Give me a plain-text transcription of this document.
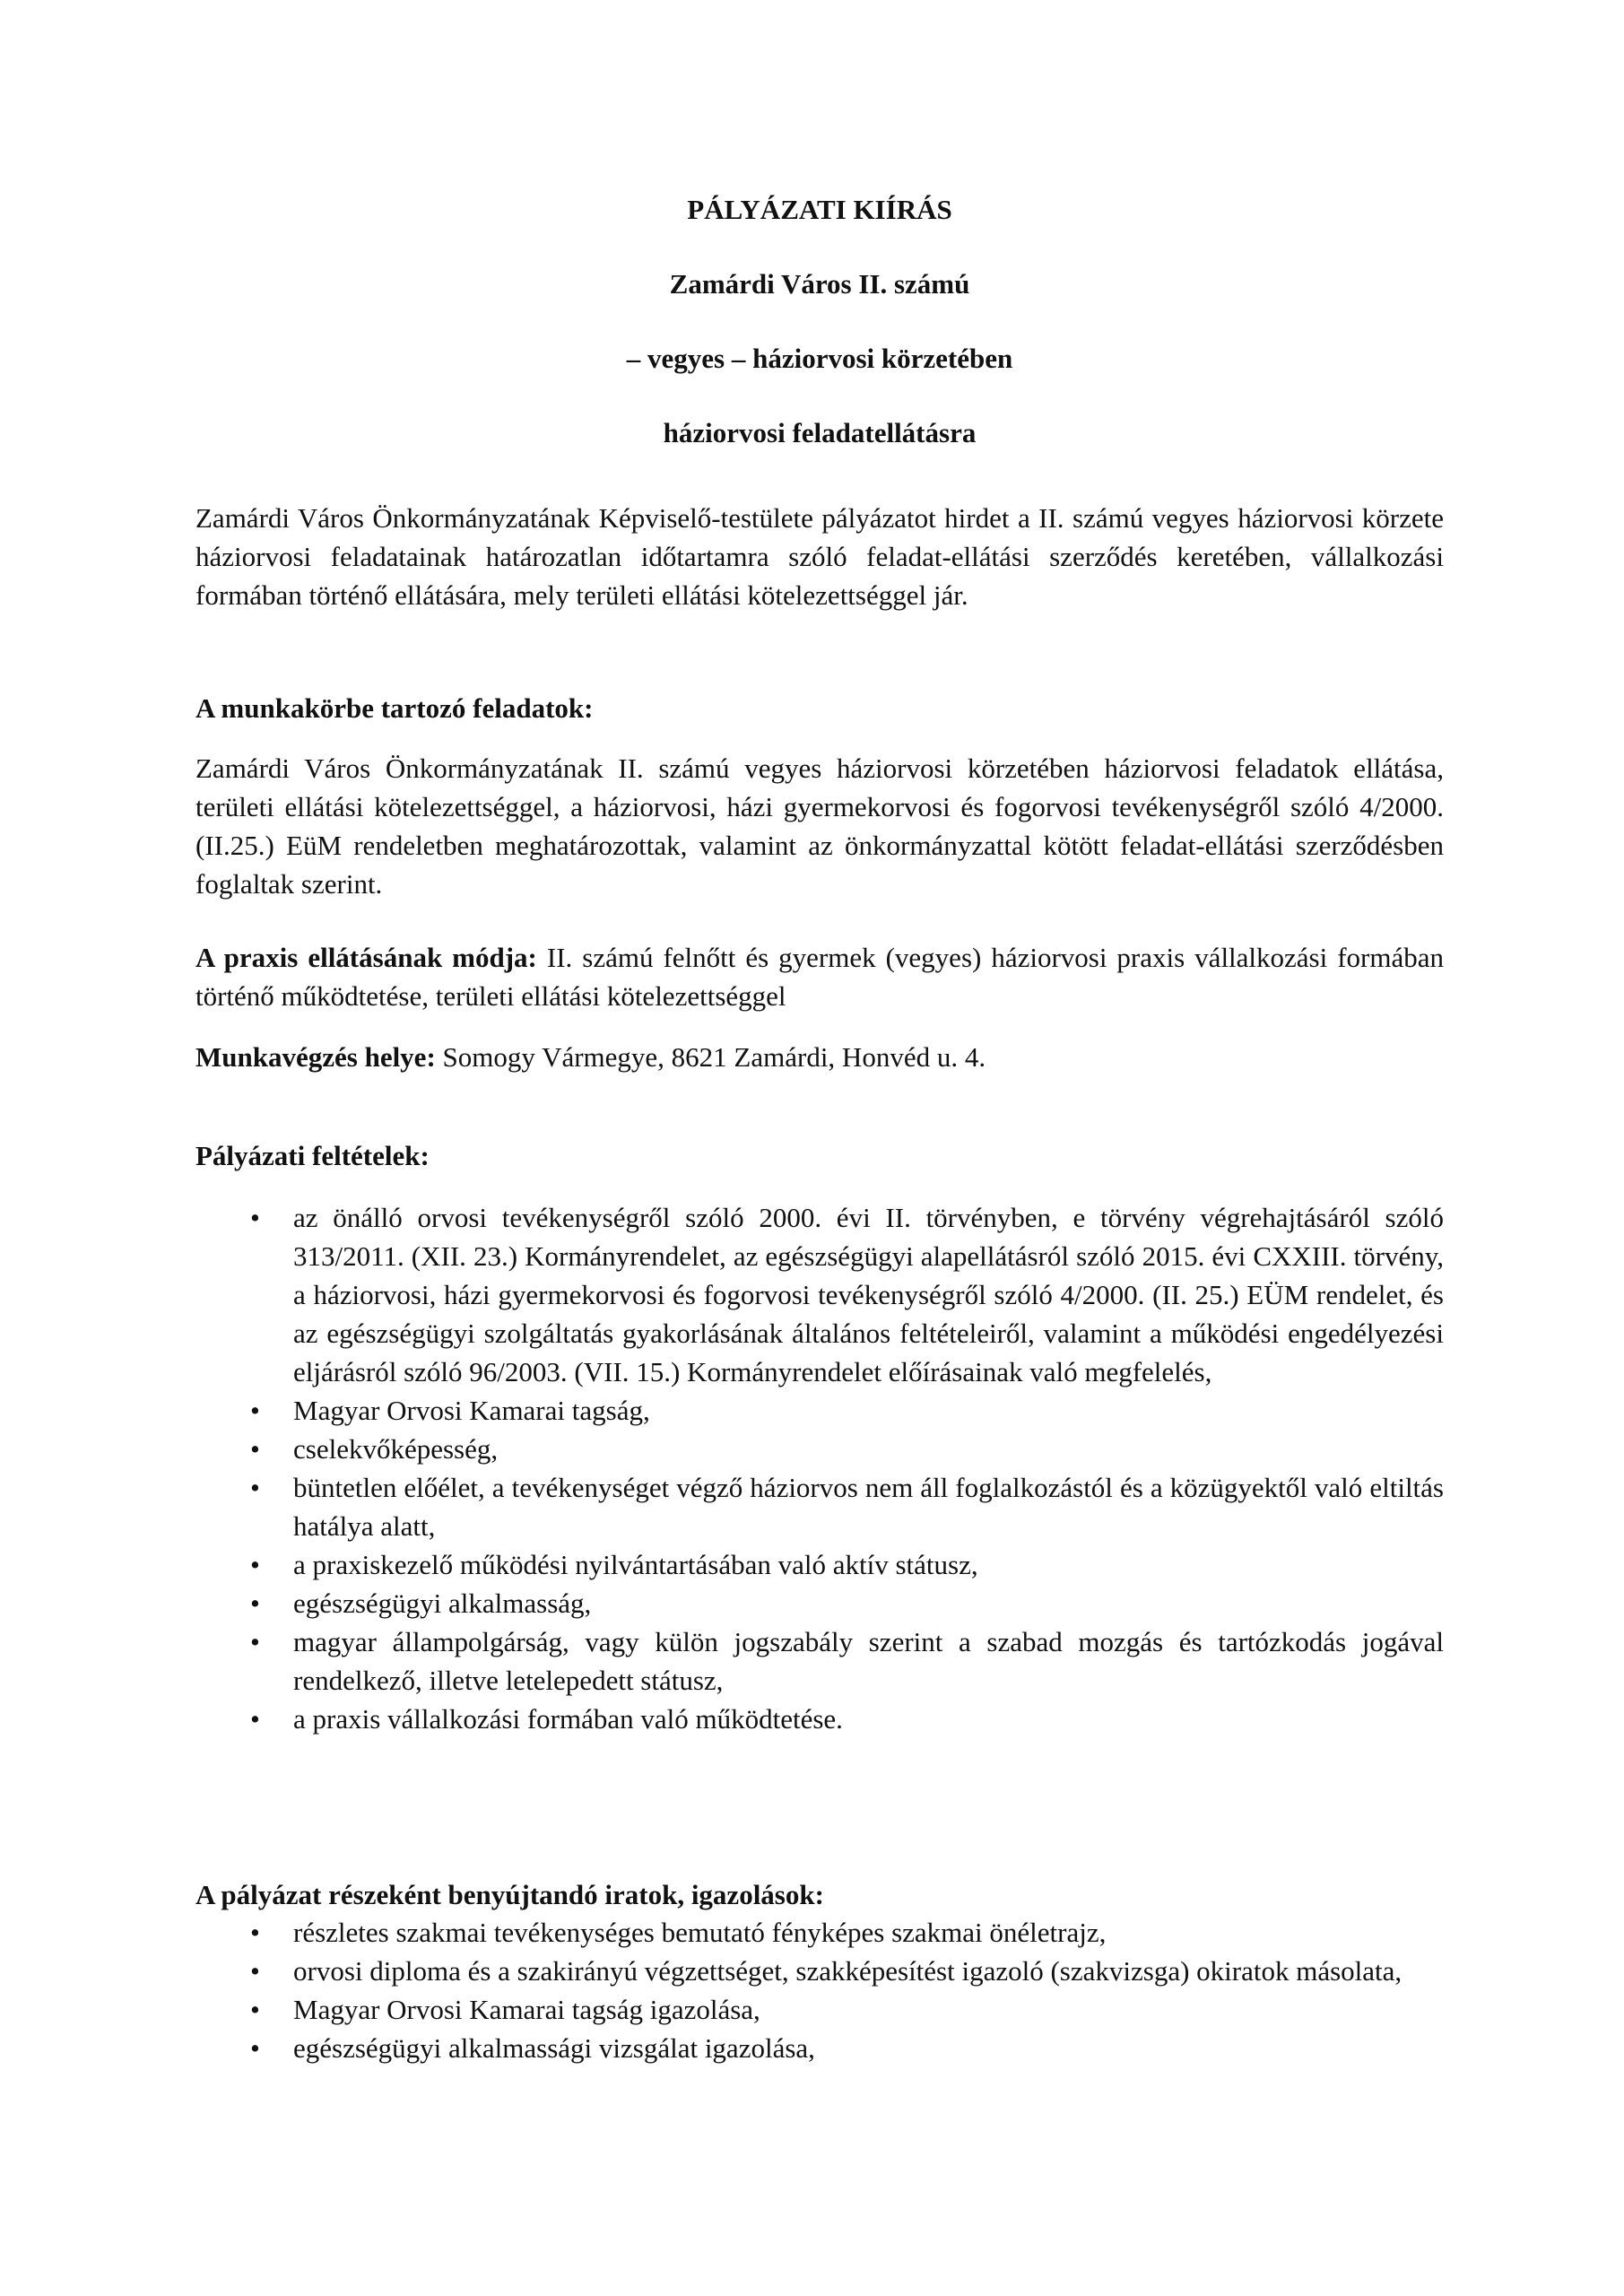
PÁLYÁZATI KIÍRÁS
Zamárdi Város II. számú
– vegyes – háziorvosi körzetében
háziorvosi feladatellátásra

Zamárdi Város Önkormányzatának Képviselő-testülete pályázatot hirdet a II. számú vegyes háziorvosi körzete háziorvosi feladatainak határozatlan időtartamra szóló feladat-ellátási szerződés keretében, vállalkozási formában történő ellátására, mely területi ellátási kötelezettséggel jár.

A munkakörbe tartozó feladatok:

Zamárdi Város Önkormányzatának II. számú vegyes háziorvosi körzetében háziorvosi feladatok ellátása, területi ellátási kötelezettséggel, a háziorvosi, házi gyermekorvosi és fogorvosi tevékenységről szóló 4/2000. (II.25.) EüM rendeletben meghatározottak, valamint az önkormányzattal kötött feladat-ellátási szerződésben foglaltak szerint.

A praxis ellátásának módja: II. számú felnőtt és gyermek (vegyes) háziorvosi praxis vállalkozási formában történő működtetése, területi ellátási kötelezettséggel

Munkavégzés helye: Somogy Vármegye, 8621 Zamárdi, Honvéd u. 4.

Pályázati feltételek:
• az önálló orvosi tevékenységről szóló 2000. évi II. törvényben, e törvény végrehajtásáról szóló 313/2011. (XII. 23.) Kormányrendelet, az egészségügyi alapellátásról szóló 2015. évi CXXIII. törvény, a háziorvosi, házi gyermekorvosi és fogorvosi tevékenységről szóló 4/2000. (II. 25.) EÜM rendelet, és az egészségügyi szolgáltatás gyakorlásának általános feltételeiről, valamint a működési engedélyezési eljárásról szóló 96/2003. (VII. 15.) Kormányrendelet előírásainak való megfelelés,
• Magyar Orvosi Kamarai tagság,
• cselekvőképesség,
• büntetlen előélet, a tevékenységet végző háziorvos nem áll foglalkozástól és a közügyektől való eltiltás hatálya alatt,
• a praxiskezelő működési nyilvántartásában való aktív státusz,
• egészségügyi alkalmasság,
• magyar állampolgárság, vagy külön jogszabály szerint a szabad mozgás és tartózkodás jogával rendelkező, illetve letelepedett státusz,
• a praxis vállalkozási formában való működtetése.
A pályázat részeként benyújtandó iratok, igazolások:
• részletes szakmai tevékenységes bemutató fényképes szakmai önéletrajz,
• orvosi diploma és a szakirányú végzettséget, szakképesítést igazoló (szakvizsga) okiratok másolata,
• Magyar Orvosi Kamarai tagság igazolása,
• egészségügyi alkalmassági vizsgálat igazolása,
